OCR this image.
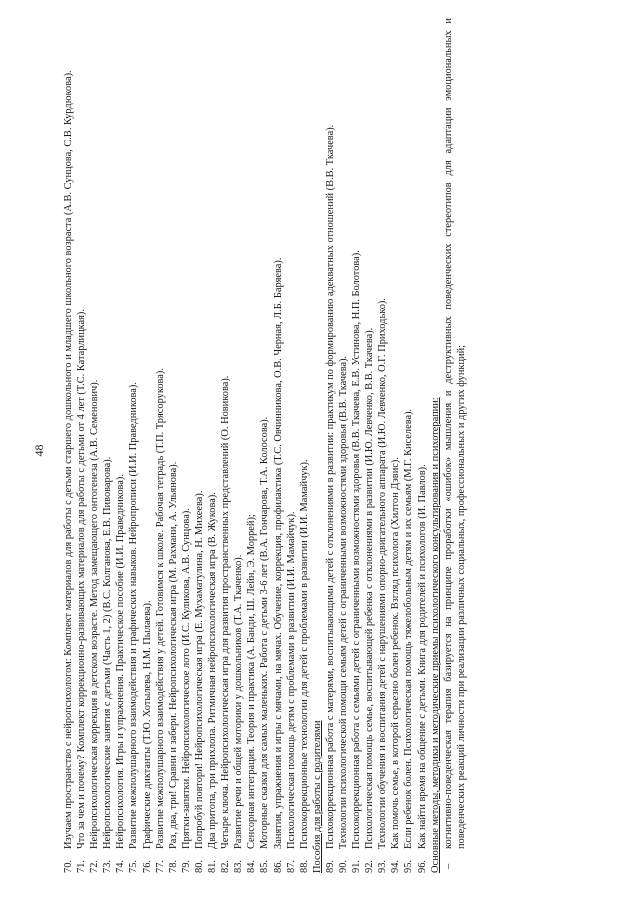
48
70.
Изучаем пространство с нейропсихологом: Комплект материалов для работы с детьми старшего дошкольного и младшего школьного возраста (А.В. Сунцова, С.В. Курдюкова).
71.
Что за чем и почему? Комплект коррекционно-развивающих материалов для работы с детьми от 4 лет (Т.С. Катарлицкая).
72.
Нейропсихологическая коррекция в детском возрасте. Метод замещающего онтогенеза (А.В. Семенович).
73.
Нейропсихологические занятия с детьми (Часть 1, 2) (В.С. Колганова, Е.В. Пивоварова).
74.
Нейропсихология. Игры и упражнения. Практическое пособие (И.И. Праведникова).
75.
Развитие межполушарного взаимодействия и графических навыков. Нейропрописи (И.И. Праведникова).
76.
Графические диктанты (Т.Ю. Хотылева, Н.М. Пылаева).
77.
Развитие межполушарного взаимодействия у детей. Готовимся к школе. Рабочая тетрадь (Т.П. Трясорукова).
78.
Раз, два, три! Сравни и забери. Нейропсихологическая игра (М. Рахмани, А. Ульянова).
79.
Прятки-запятки. Нейропсихологическое лото (И.С. Куликова, А.В. Сунцова).
80.
Попробуй повтори! Нейропсихологическая игра (Е. Мухаматулина, Н. Михеева).
81.
Два притопа, три прихлопа. Ритмичная нейропсихологическая игра (В. Жукова).
82.
Четыре ключа. Нейропсихологическая игра для развития пространственных представлений (О. Новикова).
83.
Развитие речи и общей моторики у дошкольников (Т.А. Ткаченко).
84.
Сенсорная интеграция. Теория и практика (А. Банди, Ш. Лейн, Э. Моррей);
85.
Моторные сказки для самых маленьких. Работа с детьми 3-6 лет (В.А. Гончарова, Т.А. Колосова).
86.
Занятия, упражнения и игры с мячами, на мячах. Обучение, коррекция, профилактика (Т.С. Овчинникова, О.В. Черная, Л.Б. Баряева).
87.
Психологическая помощь детям с проблемами в развитии (И.И. Мамайчук).
88.
Психокоррекционные технологии для детей с проблемами в развитии (И.И. Мамайчук). Пособия для работы с родителями 89.
Психокоррекционная работа с матерями, воспитывающими детей с отклонениями в развитии: практикум по формированию адекватных отношений (В.В. Ткачева).
90.
Технологии психологической помощи семьям детей с ограниченными возможностями здоровья (В.В. Ткачева).
91.
Психокоррекционная работа с семьями детей с ограниченными возможностями здоровья (В.В. Ткачева, Е.В. Устинова, Н.П. Болотова).
92.
Психологическая помощь семье, воспитывающей ребенка с отклонениями в развитии (И.Ю. Левченко, В.В. Ткачева).
93.
Технологии обучения и воспитания детей с нарушениями опорно-двигательного аппарата (И.Ю. Левченко, О.Г. Приходько).
94.
Как помочь семье, в которой серьезно болен ребенок. Взгляд психолога (Хилтон Дэвис).
95.
Если ребенок болен. Психологическая помощь тяжелобольным детям и их семьям (М.Г. Киселева).
96.
Как найти время на общение с детьми. Книга для родителей и психологов (И. Павлов). Основные методы, методики и методические приемы психологического консультирования и психотерапии: –
когнитивно-поведенческая терапия базируется на принципе проработки «ошибок» мышления и деструктивных поведенческих стереотипов для адаптации эмоциональных и поведенческих реакций личности при реализации различных социальных, профессиональных и других функций;
